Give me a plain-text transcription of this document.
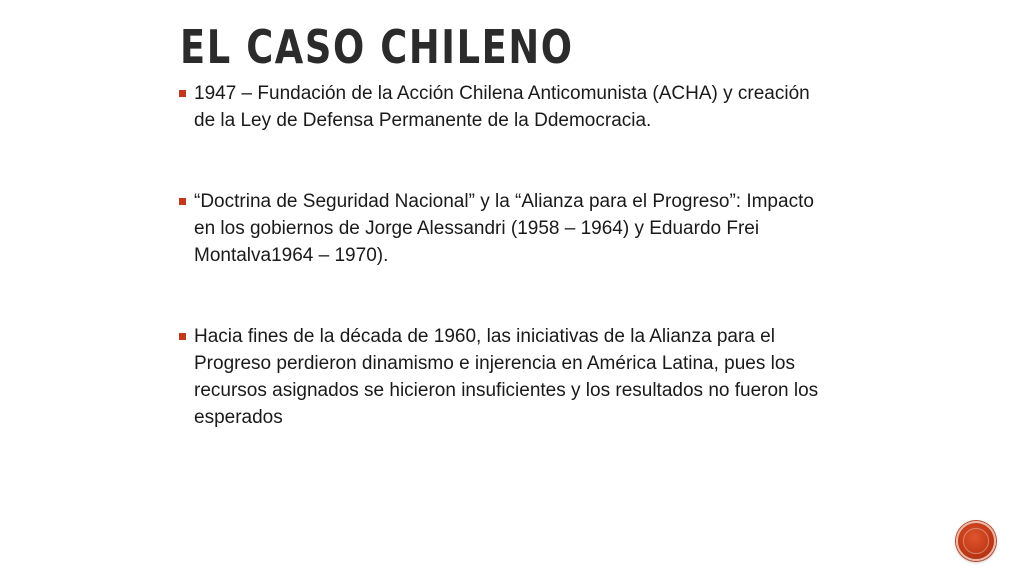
EL CASO CHILENO
1947 – Fundación de la Acción Chilena Anticomunista (ACHA) y creación de la Ley de Defensa Permanente de la Ddemocracia.
“Doctrina de Seguridad Nacional” y la “Alianza para el Progreso”: Impacto en los gobiernos de Jorge Alessandri (1958 – 1964) y Eduardo Frei Montalva1964 – 1970).
Hacia fines de la década de 1960, las iniciativas de la Alianza para el Progreso perdieron dinamismo e injerencia en América Latina, pues los recursos asignados se hicieron insuficientes y los resultados no fueron los esperados
